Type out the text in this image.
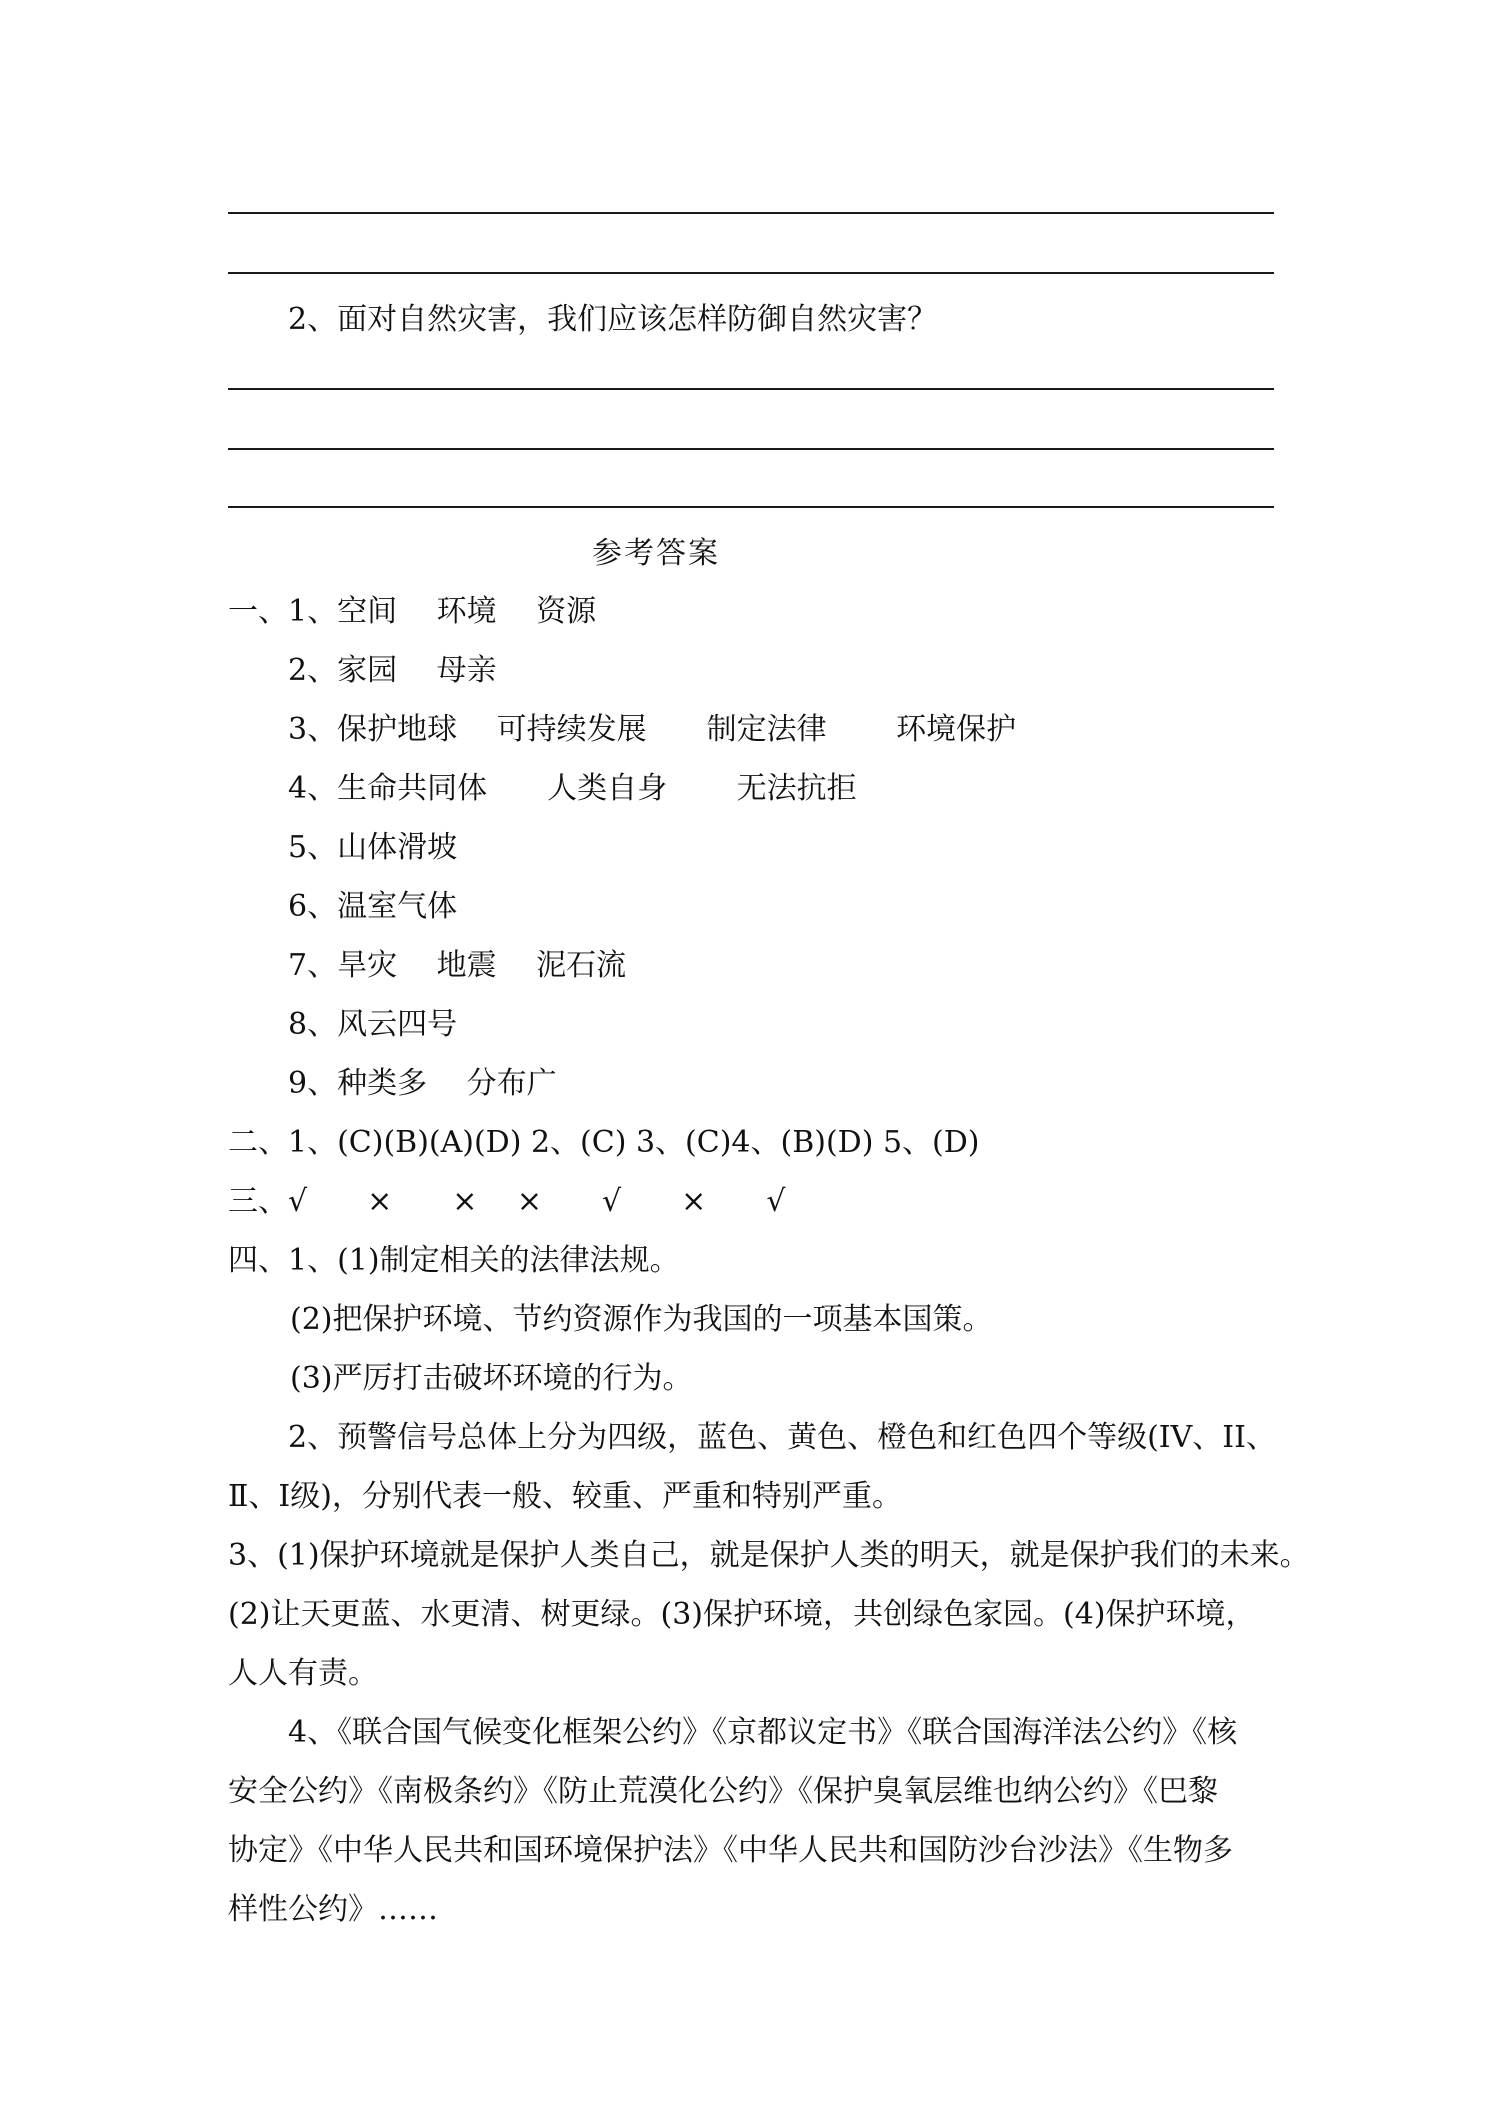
2、面对自然灾害，我们应该怎样防御自然灾害？
参考答案
一、1、空间　 环境　 资源
2、家园　 母亲
3、保护地球　 可持续发展　　制定法律　　 环境保护
4、生命共同体　　人类自身　　 无法抗拒
5、山体滑坡
6、温室气体
7、旱灾　 地震　 泥石流
8、风云四号
9、种类多　 分布广
二、1、(C)(B)(A)(D) 2、(C) 3、(C)4、(B)(D) 5、(D)
三、√　　×　　×　 ×　　√　　×　　√
四、1、(1)制定相关的法律法规。
(2)把保护环境、节约资源作为我国的一项基本国策。
(3)严厉打击破坏环境的行为。
2、预警信号总体上分为四级，蓝色、黄色、橙色和红色四个等级(IV、II、
Ⅱ、Ⅰ级)，分别代表一般、较重、严重和特别严重。
3、(1)保护环境就是保护人类自己，就是保护人类的明天，就是保护我们的未来。
(2)让天更蓝、水更清、树更绿。(3)保护环境，共创绿色家园。(4)保护环境，
人人有责。
4、《联合国气候变化框架公约》《京都议定书》《联合国海洋法公约》《核
安全公约》《南极条约》《防止荒漠化公约》《保护臭氧层维也纳公约》《巴黎
协定》《中华人民共和国环境保护法》《中华人民共和国防沙台沙法》《生物多
样性公约》……
